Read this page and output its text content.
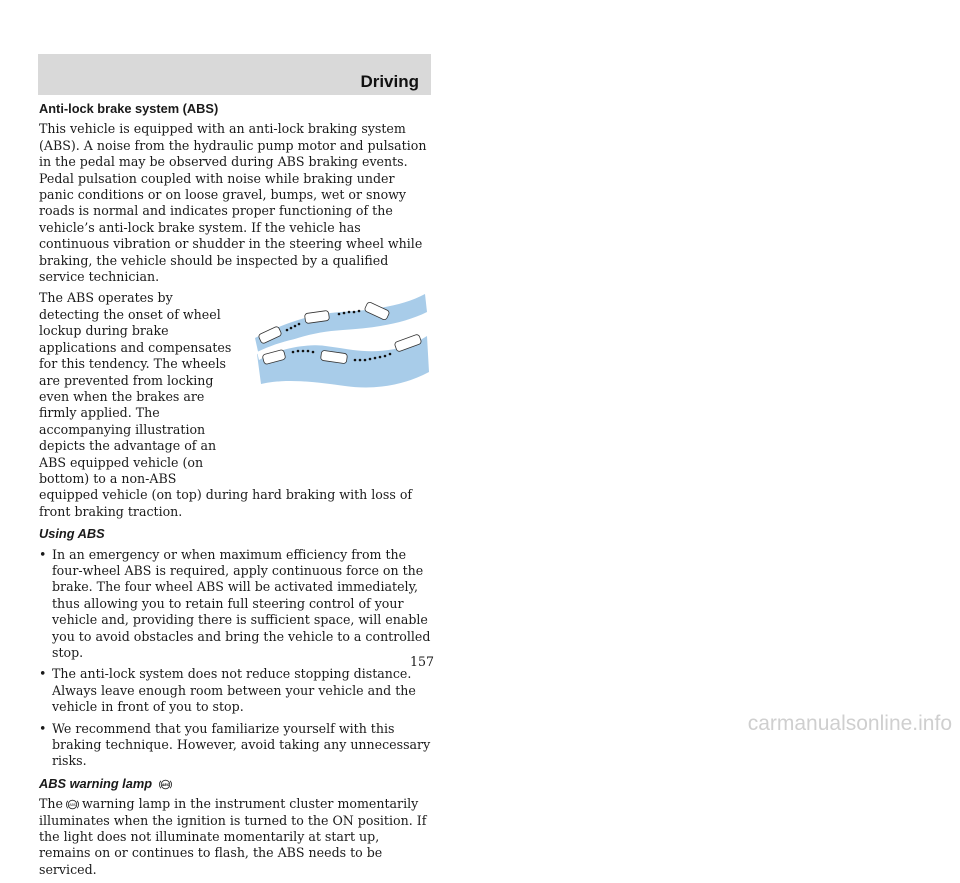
Driving
Anti-lock brake system (ABS)

This vehicle is equipped with an anti-lock braking system (ABS). A noise from the hydraulic pump motor and pulsation in the pedal may be observed during ABS braking events. Pedal pulsation coupled with noise while braking under panic conditions or on loose gravel, bumps, wet or snowy roads is normal and indicates proper functioning of the vehicle’s anti-lock brake system. If the vehicle has continuous vibration or shudder in the steering wheel while braking, the vehicle should be inspected by a qualified service technician.

The ABS operates by detecting the onset of wheel lockup during brake applications and compensates for this tendency. The wheels are prevented from locking even when the brakes are firmly applied. The accompanying illustration depicts the advantage of an ABS equipped vehicle (on bottom) to a non-ABS

equipped vehicle (on top) during hard braking with loss of front braking traction.

Using ABS
• In an emergency or when maximum efficiency from the four-wheel ABS is required, apply continuous force on the brake. The four wheel ABS will be activated immediately, thus allowing you to retain full steering control of your vehicle and, providing there is sufficient space, will enable you to avoid obstacles and bring the vehicle to a controlled stop.
• The anti-lock system does not reduce stopping distance. Always leave enough room between your vehicle and the vehicle in front of you to stop.
• We recommend that you familiarize yourself with this braking technique. However, avoid taking any unnecessary risks.
ABS warning lamp	ABS

The ABS warning lamp in the instrument cluster momentarily illuminates when the ignition is turned to the ON position. If the light does not illuminate momentarily at start up, remains on or continues to flash, the ABS needs to be serviced.

157
carmanualsonline.info
